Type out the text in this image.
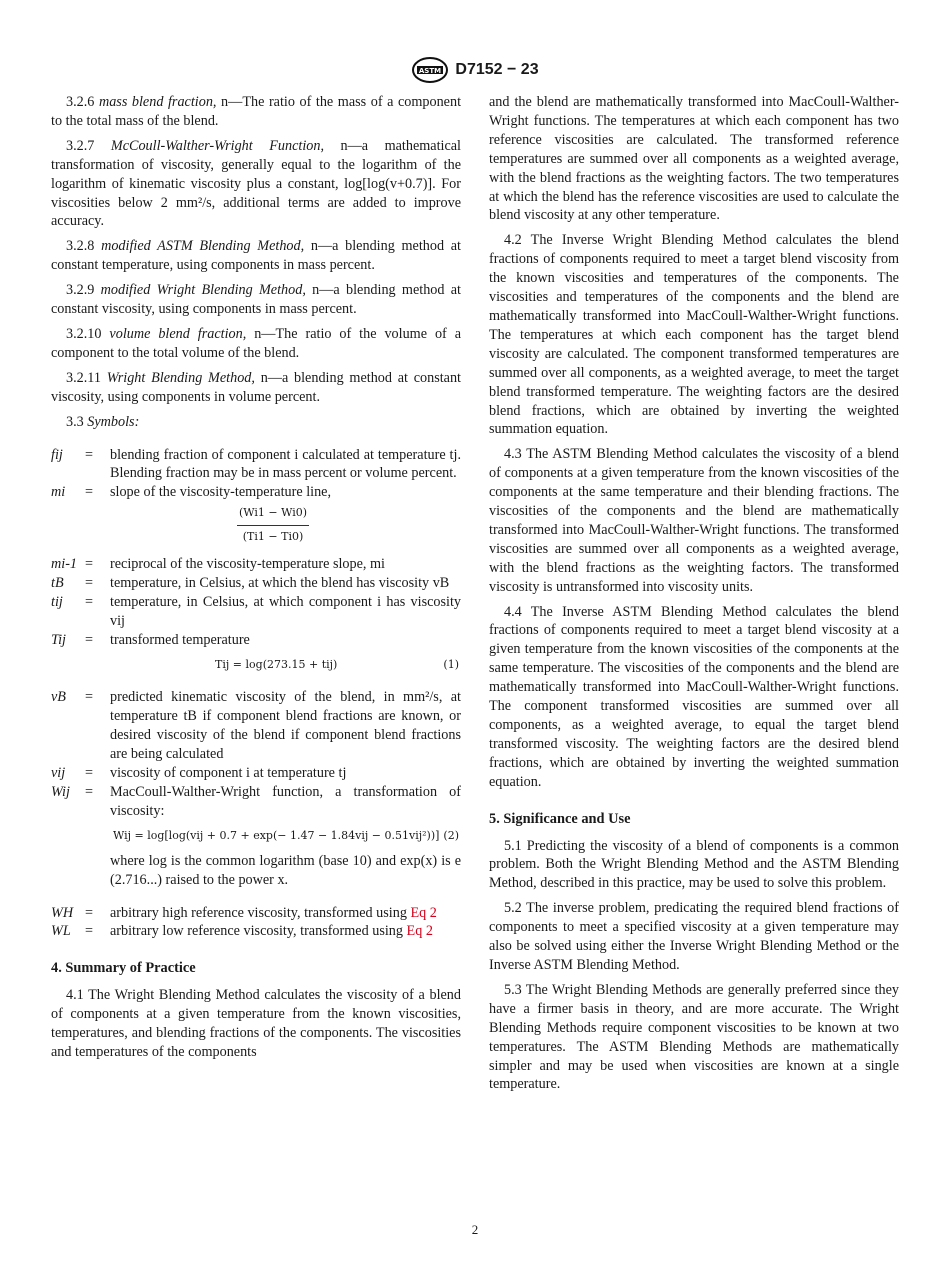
ASTM D7152 − 23

3.2.6 mass blend fraction, n—The ratio of the mass of a component to the total mass of the blend.

3.2.7 McCoull-Walther-Wright Function, n—a mathematical transformation of viscosity, generally equal to the logarithm of the logarithm of kinematic viscosity plus a constant, log[log(v+0.7)]. For viscosities below 2 mm²/s, additional terms are added to improve accuracy.

3.2.8 modified ASTM Blending Method, n—a blending method at constant temperature, using components in mass percent.

3.2.9 modified Wright Blending Method, n—a blending method at constant viscosity, using components in mass percent.

3.2.10 volume blend fraction, n—The ratio of the volume of a component to the total volume of the blend.

3.2.11 Wright Blending Method, n—a blending method at constant viscosity, using components in volume percent.

3.3 Symbols:

fij	=	blending fraction of component i calculated at temperature tj. Blending fraction may be in mass percent or volume percent.
mi	=	slope of the viscosity-temperature line,
(Wi1 − Wi0)
(Ti1 − Ti0)
mi-1 =	reciprocal of the viscosity-temperature slope, mi
tB	=	temperature, in Celsius, at which the blend has viscosity vB
tij	=	temperature, in Celsius, at which component i has viscosity vij
Tij	=	transformed temperature
Tij = log(273.15 + tij)	(1)
vB	=	predicted kinematic viscosity of the blend, in mm²/s, at temperature tB if component blend fractions are known, or desired viscosity of the blend if component blend fractions are being calculated
vij	=	viscosity of component i at temperature tj
Wij	=	MacCoull-Walther-Wright function, a transformation of viscosity:
Wij = log[log(vij + 0.7 + exp(− 1.47 − 1.84vij − 0.51vij²))] (2)
where log is the common logarithm (base 10) and exp(x) is e (2.716...) raised to the power x.
WH =	arbitrary high reference viscosity, transformed using Eq 2
WL	=	arbitrary low reference viscosity, transformed using Eq 2
4. Summary of Practice

4.1 The Wright Blending Method calculates the viscosity of a blend of components at a given temperature from the known viscosities, temperatures, and blending fractions of the components. The viscosities and temperatures of the components

and the blend are mathematically transformed into MacCoull-Walther-Wright functions. The temperatures at which each component has two reference viscosities are calculated. The transformed reference temperatures are summed over all components as a weighted average, with the blend fractions as the weighting factors. The two temperatures at which the blend has the reference viscosities are used to calculate the blend viscosity at any other temperature.

4.2 The Inverse Wright Blending Method calculates the blend fractions of components required to meet a target blend viscosity from the known viscosities and temperatures of the components. The viscosities and temperatures of the components and the blend are mathematically transformed into MacCoull-Walther-Wright functions. The temperatures at which each component has the target blend viscosity are calculated. The component transformed temperatures are summed over all components, as a weighted average, to meet the target blend transformed temperature. The weighting factors are the desired blend fractions, which are obtained by inverting the weighted summation equation.

4.3 The ASTM Blending Method calculates the viscosity of a blend of components at a given temperature from the known viscosities of the components at the same temperature and their blending fractions. The viscosities of the components and the blend are mathematically transformed into MacCoull-Walther-Wright functions. The transformed viscosities are summed over all components as a weighted average, with the blend fractions as the weighting factors. The transformed viscosity is untransformed into viscosity units.

4.4 The Inverse ASTM Blending Method calculates the blend fractions of components required to meet a target blend viscosity at a given temperature from the known viscosities of the components at the same temperature. The viscosities of the components and the blend are mathematically transformed into MacCoull-Walther-Wright functions. The component transformed viscosities are summed over all components, as a weighted average, to equal the target blend transformed viscosity. The weighting factors are the desired blend fractions, which are obtained by inverting the weighted summation equation.

5. Significance and Use

5.1 Predicting the viscosity of a blend of components is a common problem. Both the Wright Blending Method and the ASTM Blending Method, described in this practice, may be used to solve this problem.

5.2 The inverse problem, predicating the required blend fractions of components to meet a specified viscosity at a given temperature may also be solved using either the Inverse Wright Blending Method or the Inverse ASTM Blending Method.

5.3 The Wright Blending Methods are generally preferred since they have a firmer basis in theory, and are more accurate. The Wright Blending Methods require component viscosities to be known at two temperatures. The ASTM Blending Methods are mathematically simpler and may be used when viscosities are known at a single temperature.

2
